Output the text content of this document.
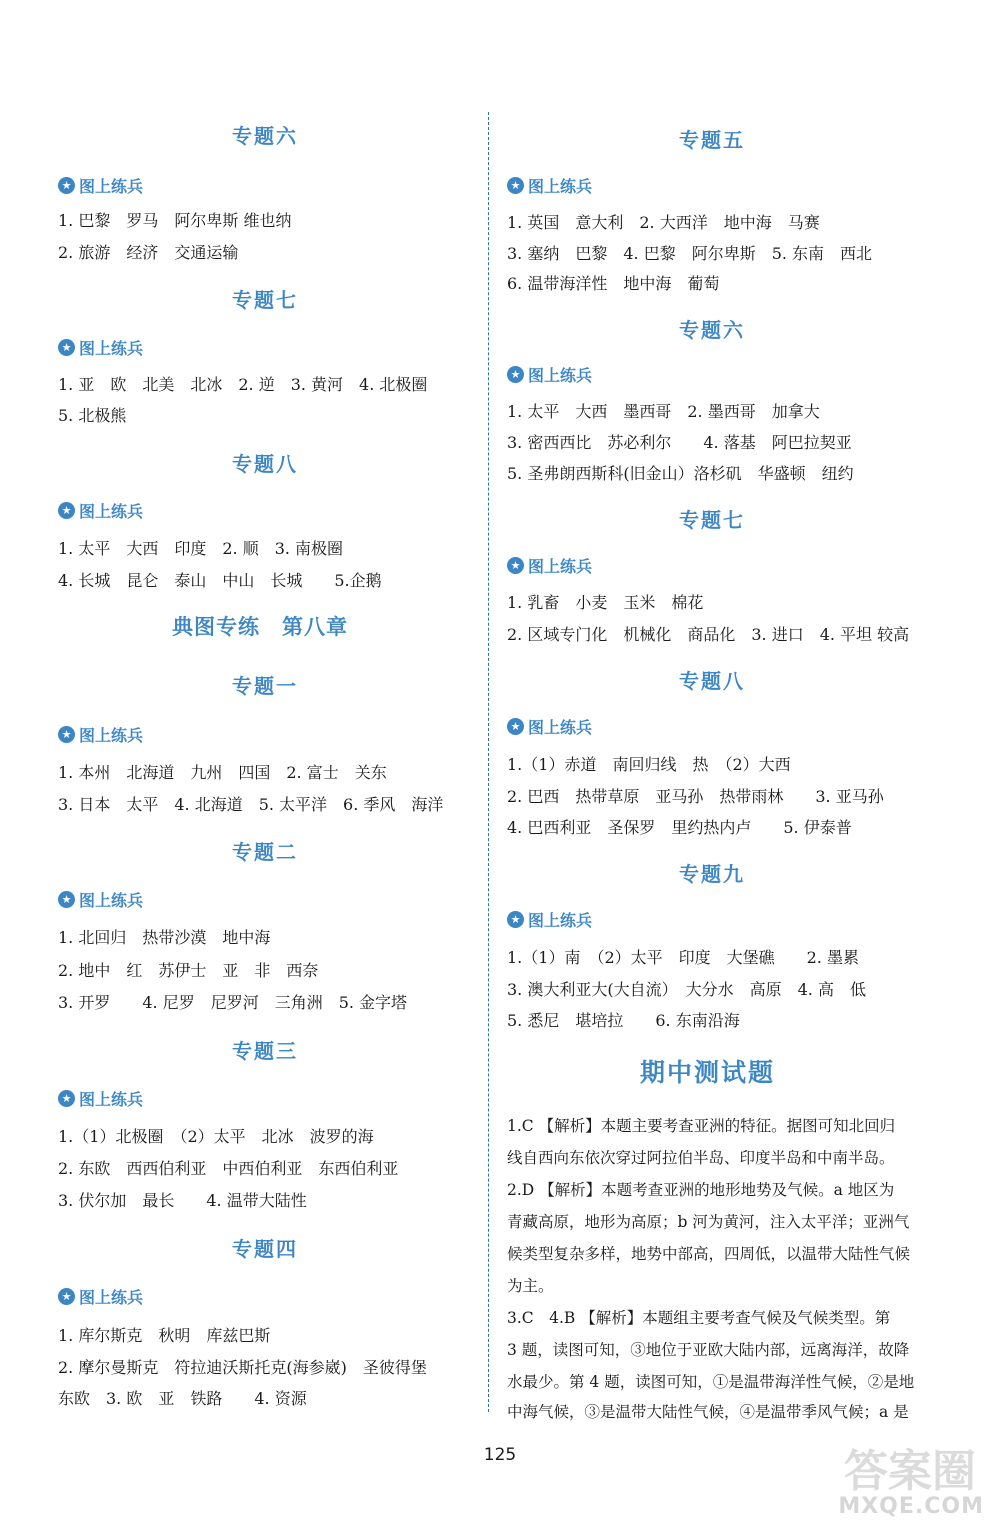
专题六
★ 图上练兵
1. 巴黎　罗马　阿尔卑斯 维也纳
2. 旅游　经济　交通运输
专题七
★ 图上练兵
1. 亚　欧　北美　北冰　2. 逆　3. 黄河　4. 北极圈
5. 北极熊
专题八
★ 图上练兵
1. 太平　大西　印度　2. 顺　3. 南极圈
4. 长城　昆仑　泰山　中山　长城　　5.企鹅
典图专练　第八章
专题一
★ 图上练兵
1. 本州　北海道　九州　四国　2. 富士　关东
3. 日本　太平　4. 北海道　5. 太平洋　6. 季风　海洋
专题二
★ 图上练兵
1. 北回归　热带沙漠　地中海
2. 地中　红　苏伊士　亚　非　西奈
3. 开罗　　4. 尼罗　尼罗河　三角洲　5. 金字塔
专题三
★ 图上练兵
1.（1）北极圈　（2）太平　北冰　波罗的海
2. 东欧　西西伯利亚　中西伯利亚　东西伯利亚
3. 伏尔加　最长　　4. 温带大陆性
专题四
★ 图上练兵
1. 库尔斯克　秋明　库兹巴斯
2. 摩尔曼斯克　符拉迪沃斯托克(海参崴)　圣彼得堡
东欧　3. 欧　亚　铁路　　4. 资源
专题五
★ 图上练兵
1. 英国　意大利　2. 大西洋　地中海　马赛
3. 塞纳　巴黎　4. 巴黎　阿尔卑斯　5. 东南　西北
6. 温带海洋性　地中海　葡萄
专题六
★ 图上练兵
1. 太平　大西　墨西哥　2. 墨西哥　加拿大
3. 密西西比　苏必利尔　　4. 落基　阿巴拉契亚
5. 圣弗朗西斯科(旧金山）洛杉矶　华盛顿　纽约
专题七
★ 图上练兵
1. 乳畜　小麦　玉米　棉花
2. 区域专门化　机械化　商品化　3. 进口　4. 平坦 较高
专题八
★ 图上练兵
1.（1）赤道　南回归线　热　（2）大西
2. 巴西　热带草原　亚马孙　热带雨林　　3. 亚马孙
4. 巴西利亚　圣保罗　里约热内卢　　5. 伊泰普
专题九
★ 图上练兵
1.（1）南　（2）太平　印度　大堡礁　　2. 墨累
3. 澳大利亚大(大自流）　大分水　高原　4. 高　低
5. 悉尼　堪培拉　　6. 东南沿海
期中测试题
1.C 【解析】本题主要考查亚洲的特征。据图可知北回归
线自西向东依次穿过阿拉伯半岛、印度半岛和中南半岛。
2.D 【解析】本题考查亚洲的地形地势及气候。a 地区为
青藏高原，地形为高原；b 河为黄河，注入太平洋；亚洲气
候类型复杂多样，地势中部高，四周低，以温带大陆性气候
为主。
3.C　4.B 【解析】本题组主要考查气候及气候类型。第
3 题，读图可知，③地位于亚欧大陆内部，远离海洋，故降
水最少。第 4 题，读图可知，①是温带海洋性气候，②是地
中海气候，③是温带大陆性气候，④是温带季风气候；a 是
125	答案圈
MXQE.COM
